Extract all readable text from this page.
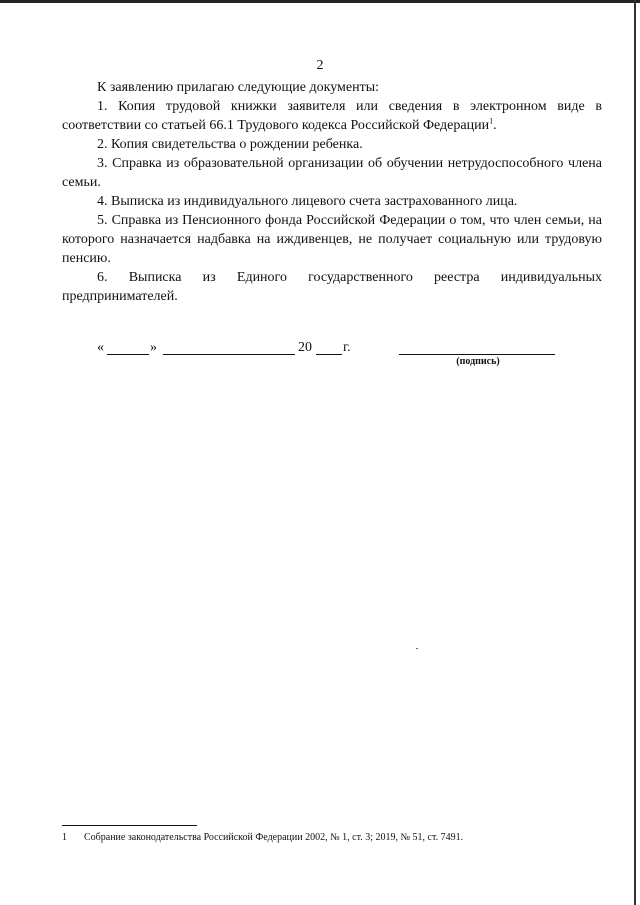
2

К заявлению прилагаю следующие документы:

1. Копия трудовой книжки заявителя или сведения в электронном виде в соответствии со статьей 66.1 Трудового кодекса Российской Федерации$^1$.

2. Копия свидетельства о рождении ребенка.

3. Справка из образовательной организации об обучении нетрудоспособного члена семьи.

4. Выписка из индивидуального лицевого счета застрахованного лица.

5. Справка из Пенсионного фонда Российской Федерации о том, что член семьи, на которого назначается надбавка на иждивенцев, не получает социальную или трудовую пенсию.

6. Выписка из Единого государственного реестра индивидуальных предпринимателей.

«	»	20 г.
(подпись)
1 Собрание законодательства Российской Федерации 2002, № 1, ст. 3; 2019, № 51, ст. 7491.
